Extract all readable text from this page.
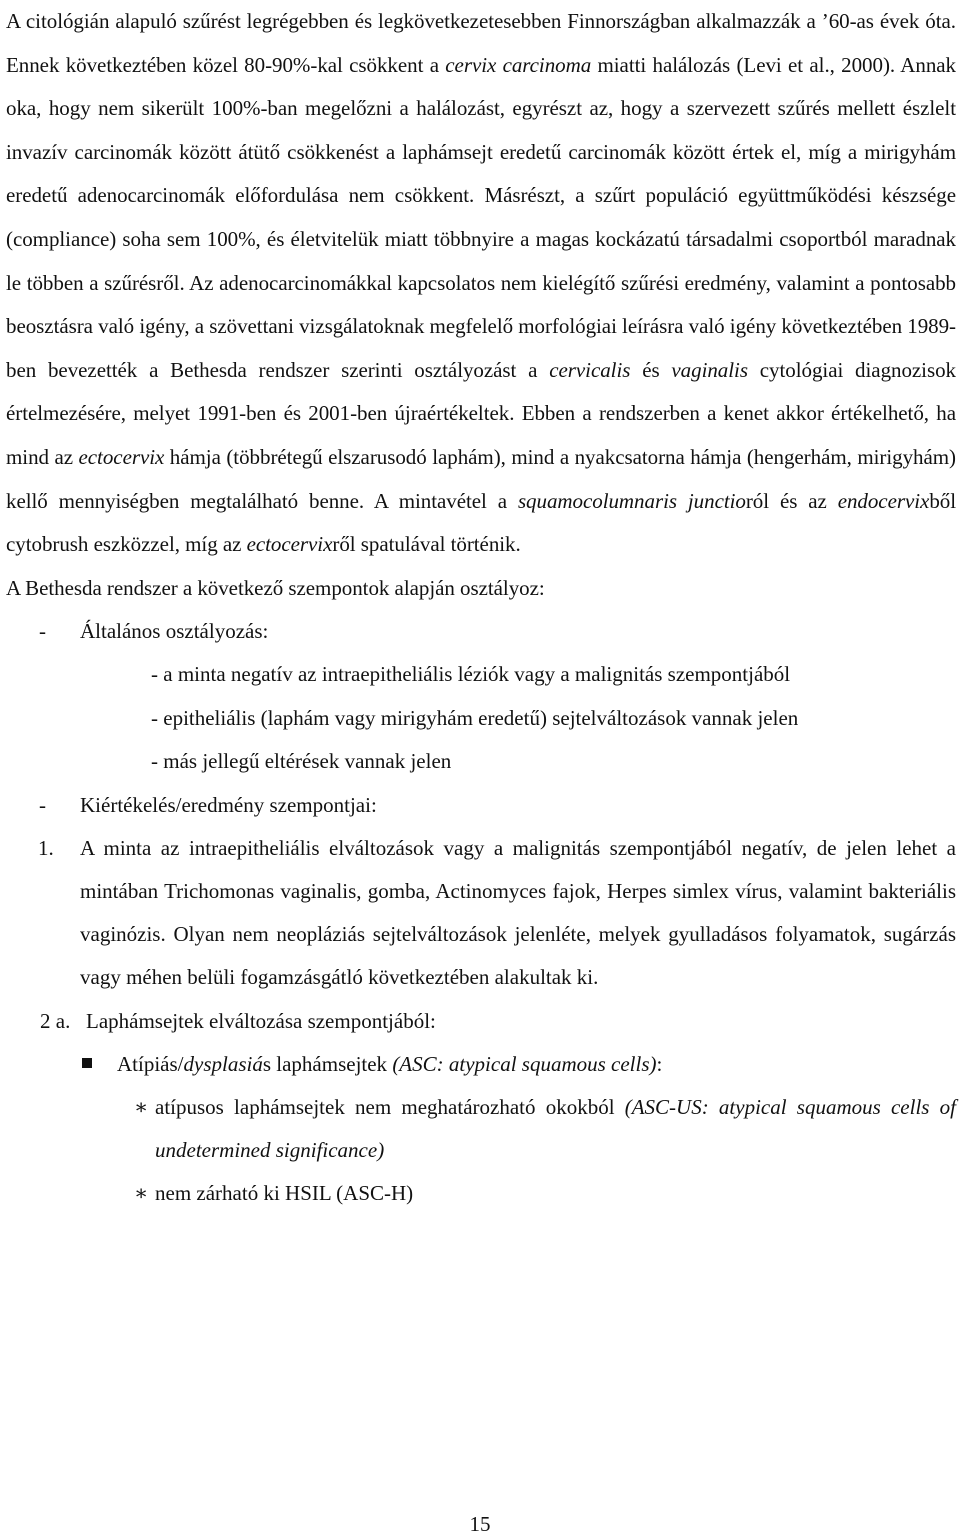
A citológián alapuló szűrést legrégebben és legkövetkezetesebben Finnországban alkalmazzák a ’60-as évek óta. Ennek következtében közel 80-90%-kal csökkent a cervix carcinoma miatti halálozás (Levi et al., 2000). Annak oka, hogy nem sikerült 100%-ban megelőzni a halálozást, egyrészt az, hogy a szervezett szűrés mellett észlelt invazív carcinomák között átütő csökkenést a laphámsejt eredetű carcinomák között értek el, míg a mirigyhám eredetű adenocarcinomák előfordulása nem csökkent. Másrészt, a szűrt populáció együttműködési készsége (compliance) soha sem 100%, és életvitelük miatt többnyire a magas kockázatú társadalmi csoportból maradnak le többen a szűrésről. Az adenocarcinomákkal kapcsolatos nem kielégítő szűrési eredmény, valamint a pontosabb beosztásra való igény, a szövettani vizsgálatoknak megfelelő morfológiai leírásra való igény következtében 1989-ben bevezették a Bethesda rendszer szerinti osztályozást a cervicalis és vaginalis cytológiai diagnozisok értelmezésére, melyet 1991-ben és 2001-ben újraértékeltek. Ebben a rendszerben a kenet akkor értékelhető, ha mind az ectocervix hámja (többrétegű elszarusodó laphám), mind a nyakcsatorna hámja (hengerhám, mirigyhám) kellő mennyiségben megtalálható benne. A mintavétel a squamocolumnaris junctioról és az endocervixből cytobrush eszközzel, míg az ectocervixről spatulával történik.
A Bethesda rendszer a következő szempontok alapján osztályoz:
- Általános osztályozás:
- a minta negatív az intraepitheliális léziók vagy a malignitás szempontjából
- epitheliális (laphám vagy mirigyhám eredetű) sejtelváltozások vannak jelen
- más jellegű eltérések vannak jelen
- Kiértékelés/eredmény szempontjai:
1. A minta az intraepitheliális elváltozások vagy a malignitás szempontjából negatív, de jelen lehet a mintában Trichomonas vaginalis, gomba, Actinomyces fajok, Herpes simlex vírus, valamint bakteriális vaginózis. Olyan nem neopláziás sejtelváltozások jelenléte, melyek gyulladásos folyamatok, sugárzás vagy méhen belüli fogamzásgátló következtében alakultak ki.
2 a. Laphámsejtek elváltozása szempontjából:
Atípiás/dysplasiás laphámsejtek (ASC: atypical squamous cells):
∗ atípusos laphámsejtek nem meghatározható okokból (ASC-US: atypical squamous cells of undetermined significance)
∗ nem zárható ki HSIL (ASC-H)
15
